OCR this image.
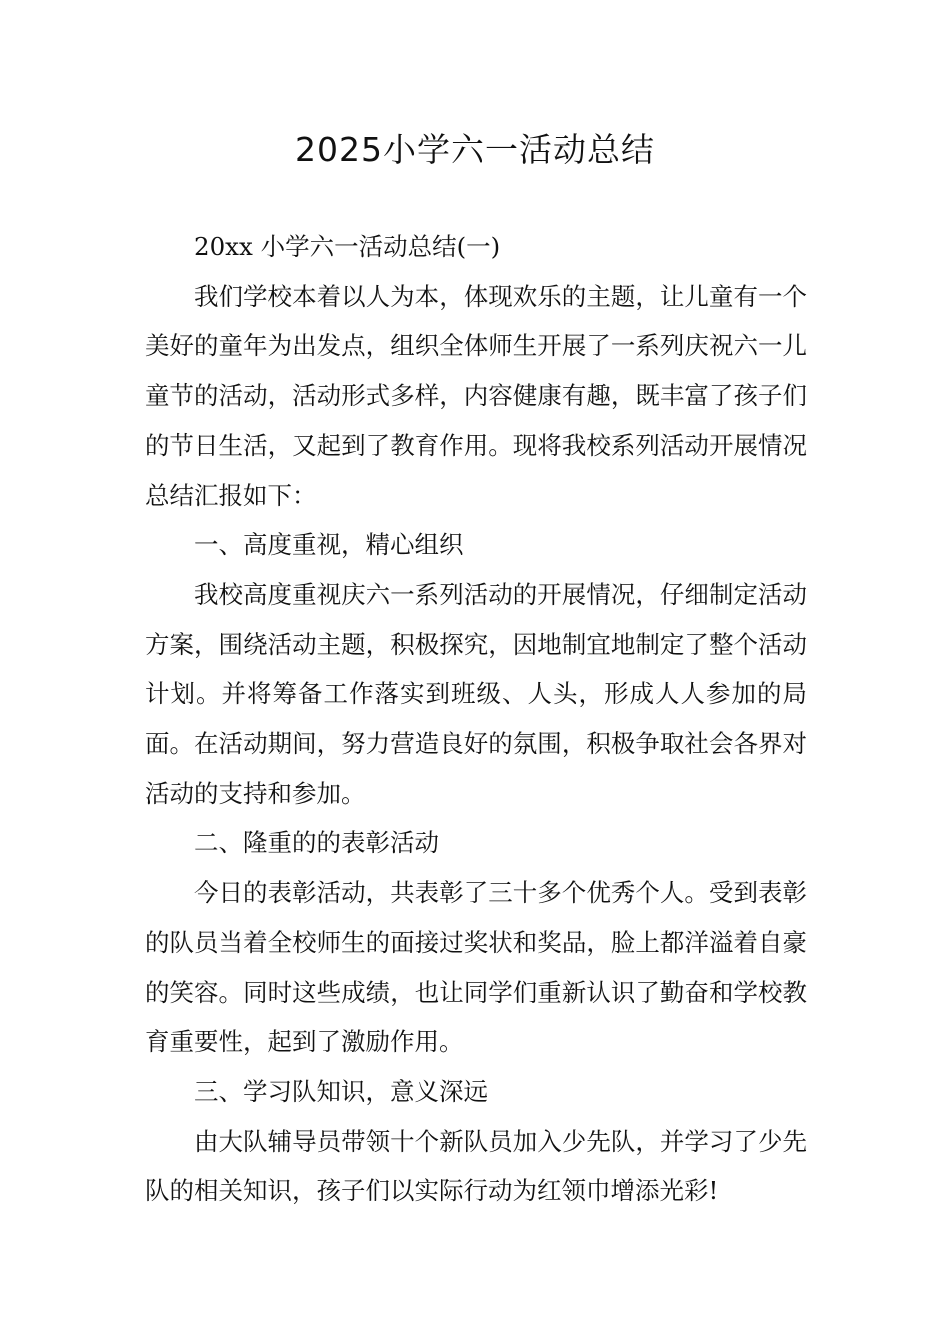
2025小学六一活动总结

20xx 小学六一活动总结(一)

我们学校本着以人为本，体现欢乐的主题，让儿童有一个美好的童年为出发点，组织全体师生开展了一系列庆祝六一儿童节的活动，活动形式多样，内容健康有趣，既丰富了孩子们的节日生活，又起到了教育作用。现将我校系列活动开展情况总结汇报如下：

一、高度重视，精心组织

我校高度重视庆六一系列活动的开展情况，仔细制定活动方案，围绕活动主题，积极探究，因地制宜地制定了整个活动计划。并将筹备工作落实到班级、人头，形成人人参加的局面。在活动期间，努力营造良好的氛围，积极争取社会各界对活动的支持和参加。

二、隆重的的表彰活动

今日的表彰活动，共表彰了三十多个优秀个人。受到表彰的队员当着全校师生的面接过奖状和奖品，脸上都洋溢着自豪的笑容。同时这些成绩，也让同学们重新认识了勤奋和学校教育重要性，起到了激励作用。

三、学习队知识，意义深远

由大队辅导员带领十个新队员加入少先队，并学习了少先队的相关知识，孩子们以实际行动为红领巾增添光彩!
